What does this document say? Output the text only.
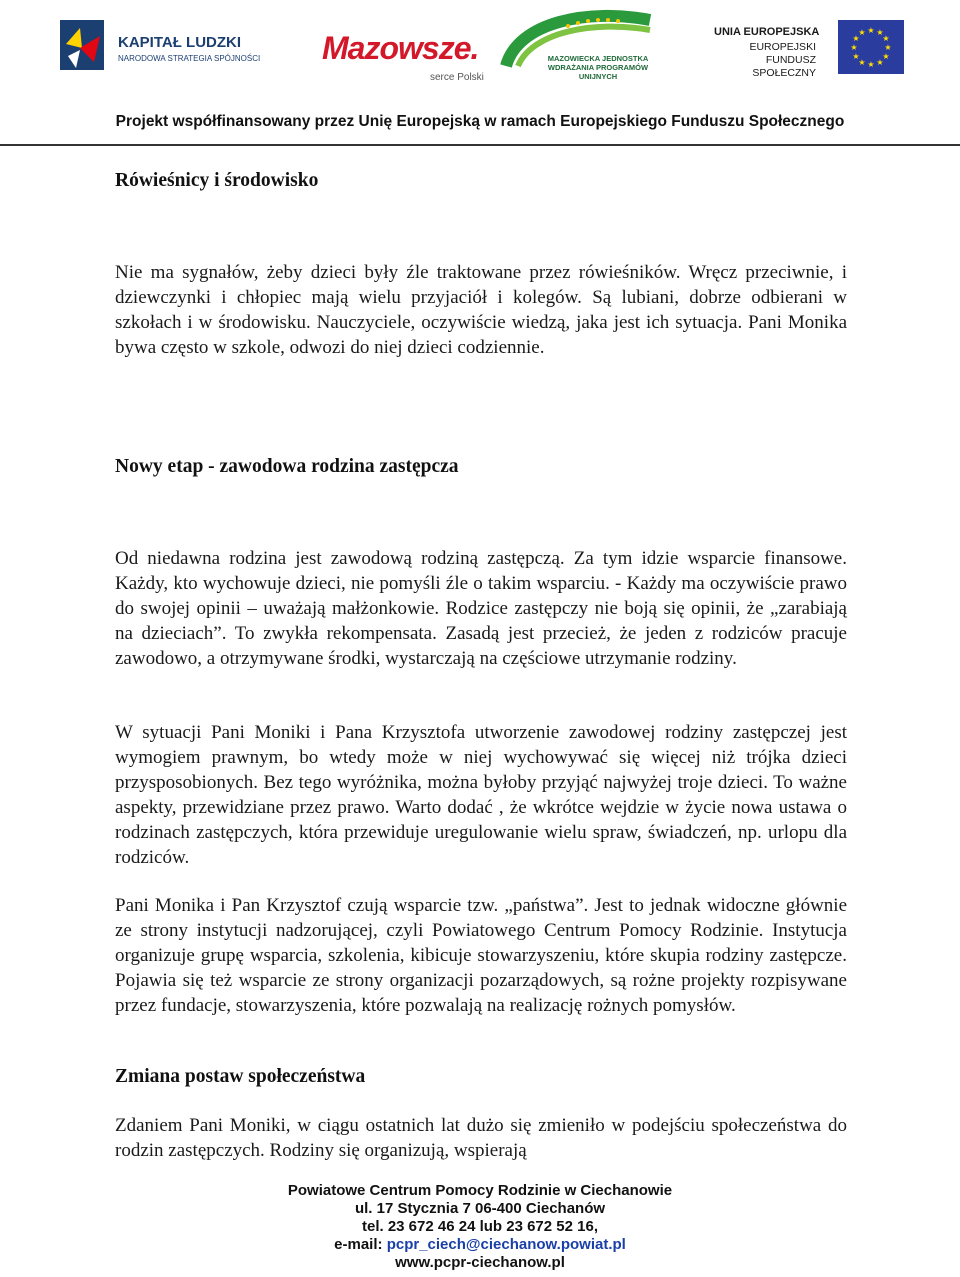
KAPITAŁ LUDZKI
NARODOWA STRATEGIA SPÓJNOŚCI Mazowsze.
serce Polski
MAZOWIECKA JEDNOSTKA WDRAŻANIA PROGRAMÓW UNIJNYCH
UNIA EUROPEJSKA
EUROPEJSKI
FUNDUSZ SPOŁECZNY
★ ★
★
★
★
★
★
★
★
★
★
★
Projekt współfinansowany przez Unię Europejską w ramach Europejskiego Funduszu Społecznego
Rówieśnicy i środowisko
Nie ma sygnałów, żeby dzieci były źle traktowane przez rówieśników. Wręcz przeciwnie, i dziewczynki i chłopiec mają wielu przyjaciół i kolegów. Są lubiani, dobrze odbierani w szkołach i w środowisku. Nauczyciele, oczywiście wiedzą, jaka jest ich sytuacja. Pani Monika bywa często w szkole, odwozi do niej dzieci codziennie.
Nowy etap - zawodowa rodzina zastępcza
Od niedawna rodzina jest zawodową rodziną zastępczą. Za tym idzie wsparcie finansowe. Każdy, kto wychowuje dzieci, nie pomyśli źle o takim wsparciu. - Każdy ma oczywiście prawo do swojej opinii – uważają małżonkowie. Rodzice zastępczy nie boją się opinii, że „zarabiają na dzieciach”. To zwykła rekompensata. Zasadą jest przecież, że jeden z rodziców pracuje zawodowo, a otrzymywane środki, wystarczają na częściowe utrzymanie rodziny.
W sytuacji Pani Moniki i Pana Krzysztofa utworzenie zawodowej rodziny zastępczej jest wymogiem prawnym, bo wtedy może w niej wychowywać się więcej niż trójka dzieci przysposobionych. Bez tego wyróżnika, można byłoby przyjąć najwyżej troje dzieci. To ważne aspekty, przewidziane przez prawo. Warto dodać , że wkrótce wejdzie w życie nowa ustawa o rodzinach zastępczych, która przewiduje uregulowanie wielu spraw, świadczeń, np. urlopu dla rodziców.
Pani Monika i Pan Krzysztof czują wsparcie tzw. „państwa”. Jest to jednak widoczne głównie ze strony instytucji nadzorującej, czyli Powiatowego Centrum Pomocy Rodzinie. Instytucja organizuje grupę wsparcia, szkolenia, kibicuje stowarzyszeniu, które skupia rodziny zastępcze. Pojawia się też wsparcie ze strony organizacji pozarządowych, są rożne projekty rozpisywane przez fundacje, stowarzyszenia, które pozwalają na realizację rożnych pomysłów.
Zmiana postaw społeczeństwa
Zdaniem Pani Moniki, w ciągu ostatnich lat dużo się zmieniło w podejściu społeczeństwa do rodzin zastępczych. Rodziny się organizują, wspierają
Powiatowe Centrum Pomocy Rodzinie w Ciechanowie
ul. 17 Stycznia 7 06-400 Ciechanów
tel. 23 672 46 24 lub 23 672 52 16,
e-mail: pcpr_ciech@ciechanow.powiat.pl
www.pcpr-ciechanow.pl
